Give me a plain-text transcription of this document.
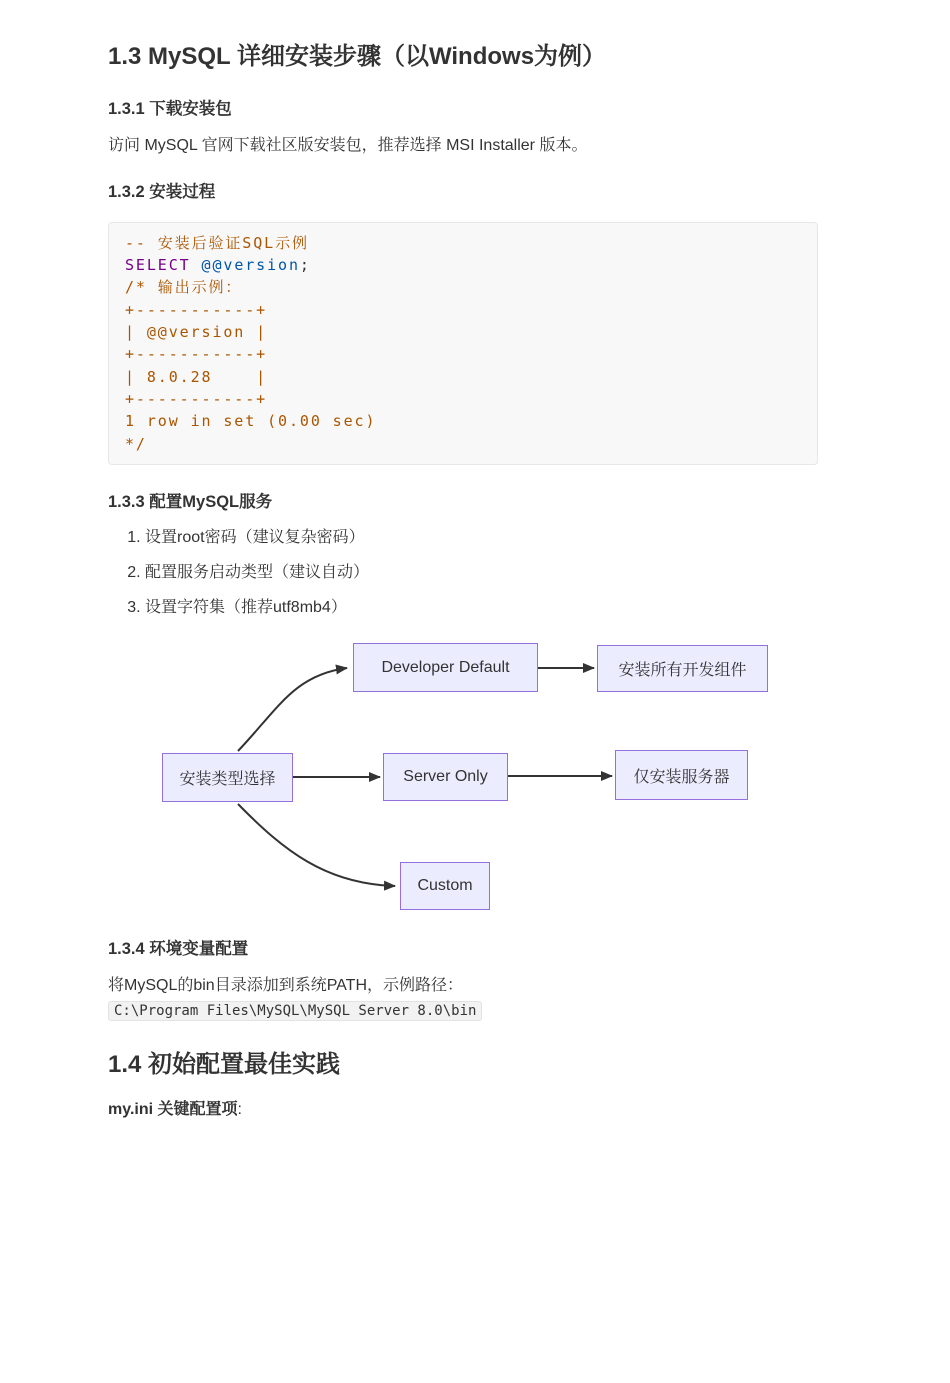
1.3 MySQL 详细安装步骤（以Windows为例）
1.3.1 下载安装包

访问 MySQL 官网下载社区版安装包，推荐选择 MSI Installer 版本。

1.3.2 安装过程
-- 安装后验证SQL示例
SELECT @@version;
/* 输出示例：
+-----------+
| @@version |
+-----------+
| 8.0.28    |
+-----------+
1 row in set (0.00 sec)
*/
1.3.3 配置MySQL服务
1. 设置root密码（建议复杂密码）
2. 配置服务启动类型（建议自动）
3. 设置字符集（推荐utf8mb4）
安装类型选择
Developer Default
Server Only
Custom
安装所有开发组件
仅安装服务器
1.3.4 环境变量配置

将MySQL的bin目录添加到系统PATH，示例路径：
C:\Program Files\MySQL\MySQL Server 8.0\bin

1.4 初始配置最佳实践

my.ini 关键配置项:
